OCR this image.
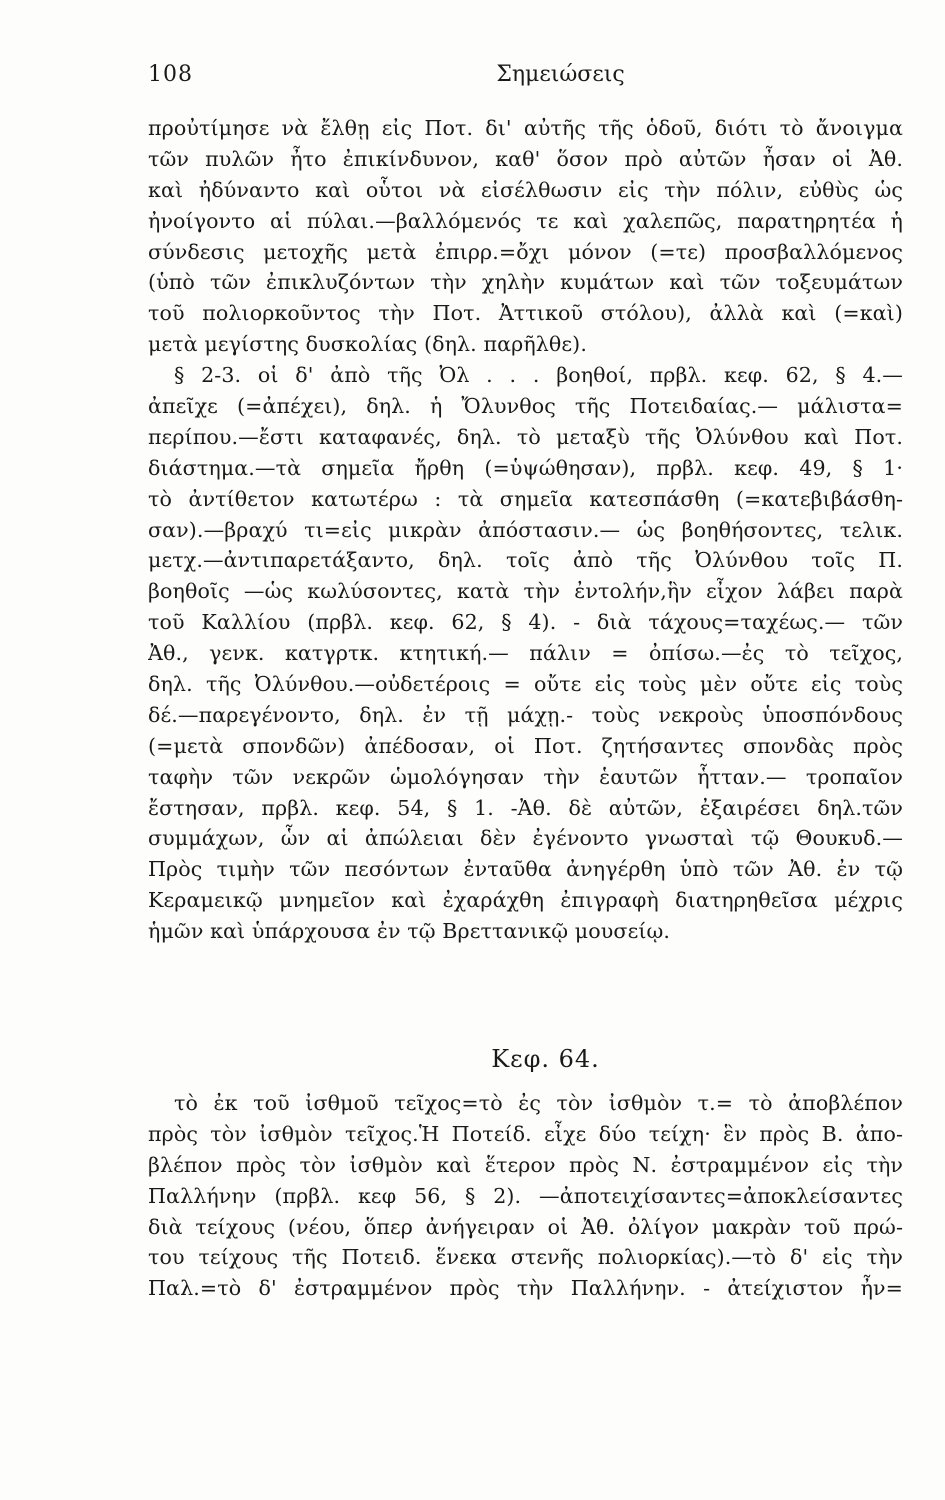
108	Σημειώσεις
προὐτίμησε νὰ ἔλθῃ εἰς Ποτ. δι' αὐτῆς τῆς ὁδοῦ, διότι τὸ ἄνοιγμα
τῶν πυλῶν ἦτο ἐπικίνδυνον, καθ' ὅσον πρὸ αὐτῶν ἦσαν οἱ Ἀθ.
καὶ ἠδύναντο καὶ οὗτοι νὰ εἰσέλθωσιν εἰς τὴν πόλιν, εὐθὺς ὡς
ἠνοίγοντο αἱ πύλαι.—βαλλόμενός τε καὶ χαλεπῶς, παρατηρητέα ἡ
σύνδεσις μετοχῆς μετὰ ἐπιρρ.=ὄχι μόνον (=τε) προσβαλλόμενος
(ὑπὸ τῶν ἐπικλυζόντων τὴν χηλὴν κυμάτων καὶ τῶν τοξευμάτων
τοῦ πολιορκοῦντος τὴν Ποτ. Ἀττικοῦ στόλου), ἀλλὰ καὶ (=καὶ)
μετὰ μεγίστης δυσκολίας (δηλ. παρῆλθε).
§ 2-3. οἱ δ' ἀπὸ τῆς Ὀλ . . . βοηθοί, πρβλ. κεφ. 62, § 4.—
ἀπεῖχε (=ἀπέχει), δηλ. ἡ Ὄλυνθος τῆς Ποτειδαίας.— μάλιστα=
περίπου.—ἔστι καταφανές, δηλ. τὸ μεταξὺ τῆς Ὀλύνθου καὶ Ποτ.
διάστημα.—τὰ σημεῖα ἤρθη (=ὑψώθησαν), πρβλ. κεφ. 49, § 1·
τὸ ἀντίθετον κατωτέρω : τὰ σημεῖα κατεσπάσθη (=κατεβιβάσθη-
σαν).—βραχύ τι=εἰς μικρὰν ἀπόστασιν.— ὡς βοηθήσοντες, τελικ.
μετχ.—ἀντιπαρετάξαντο, δηλ. τοῖς ἀπὸ τῆς Ὀλύνθου τοῖς Π.
βοηθοῖς —ὡς κωλύσοντες, κατὰ τὴν ἐντολήν,ἣν εἶχον λάβει παρὰ
τοῦ Καλλίου (πρβλ. κεφ. 62, § 4). - διὰ τάχους=ταχέως.— τῶν
Ἀθ., γενκ. κατγρτκ. κτητική.— πάλιν = ὀπίσω.—ἐς τὸ τεῖχος,
δηλ. τῆς Ὀλύνθου.—οὐδετέροις = οὔτε εἰς τοὺς μὲν οὔτε εἰς τοὺς
δέ.—παρεγένοντο, δηλ. ἐν τῇ μάχῃ.- τοὺς νεκροὺς ὑποσπόνδους
(=μετὰ σπονδῶν) ἀπέδοσαν, οἱ Ποτ. ζητήσαντες σπονδὰς πρὸς
ταφὴν τῶν νεκρῶν ὡμολόγησαν τὴν ἑαυτῶν ἧτταν.— τροπαῖον
ἔστησαν, πρβλ. κεφ. 54, § 1. -Ἀθ. δὲ αὐτῶν, ἐξαιρέσει δηλ.τῶν
συμμάχων, ὧν αἱ ἀπώλειαι δὲν ἐγένοντο γνωσταὶ τῷ Θουκυδ.—
Πρὸς τιμὴν τῶν πεσόντων ἐνταῦθα ἀνηγέρθη ὑπὸ τῶν Ἀθ. ἐν τῷ
Κεραμεικῷ μνημεῖον καὶ ἐχαράχθη ἐπιγραφὴ διατηρηθεῖσα μέχρις
ἡμῶν καὶ ὑπάρχουσα ἐν τῷ Βρεττανικῷ μουσείῳ.
Κεφ. 64.
τὸ ἐκ τοῦ ἰσθμοῦ τεῖχος=τὸ ἐς τὸν ἰσθμὸν τ.= τὸ ἀποβλέπον
πρὸς τὸν ἰσθμὸν τεῖχος.Ἡ Ποτείδ. εἶχε δύο τείχη· ἓν πρὸς Β. ἀπο-
βλέπον πρὸς τὸν ἰσθμὸν καὶ ἕτερον πρὸς Ν. ἐστραμμένον εἰς τὴν
Παλλήνην (πρβλ. κεφ 56, § 2). —ἀποτειχίσαντες=ἀποκλείσαντες
διὰ τείχους (νέου, ὅπερ ἀνήγειραν οἱ Ἀθ. ὀλίγον μακρὰν τοῦ πρώ-
του τείχους τῆς Ποτειδ. ἕνεκα στενῆς πολιορκίας).—τὸ δ' εἰς τὴν
Παλ.=τὸ δ' ἐστραμμένον πρὸς τὴν Παλλήνην. - ἀτείχιστον ἦν=
